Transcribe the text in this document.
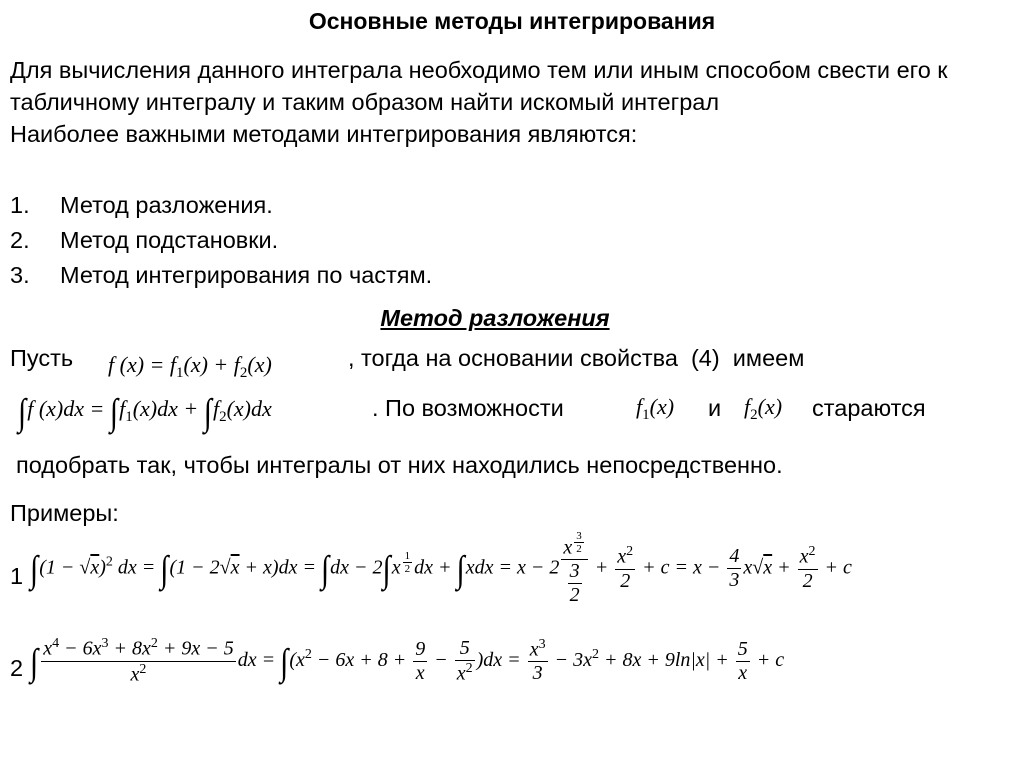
Основные методы интегрирования

Для вычисления данного интеграла необходимо тем или иным способом свести его к табличному интегралу и таким образом найти искомый интеграл

Наиболее важными методами интегрирования являются:

1. Метод разложения.
2. Метод подстановки.
3. Метод интегрирования по частям.
Метод разложения
Пусть f $(x) = f_1(x) + f_2(x)$	, тогда на основании свойства (4) имеем
∫f $(x)dx = \int f_1(x)dx + \int f_2(x)dx$	. По возможности	$f_1(x)$ и $f_2(x)$ стараются
подобрать так, чтобы интегралы от них находились непосредственно.
Примеры:
1 $\int(1 - √x)^2$ dx = ∫(1 − 2√x + x)dx = ∫dx − 2∫x $^{\frac{1}{2}}$ dx + ∫xdx = x − 2 x $^{\frac{3}{2}}$
$\frac{3}{2} + \frac{x^2}{2} + c = x - \frac{4}{3} x√x + \frac{x^2}{2} + c$
2 ∫ $\frac{x^4 - 6x^3 + 8x^2 + 9x - 5}{x^2}$ dx = $\int(x^2 - 6x + 8 + \frac{9}{x} - \frac{5}{x^2} )dx = \frac{x^3}{3} - 3x^2 + 8x + 9\ln|x| + \frac{5}{x} + c$
